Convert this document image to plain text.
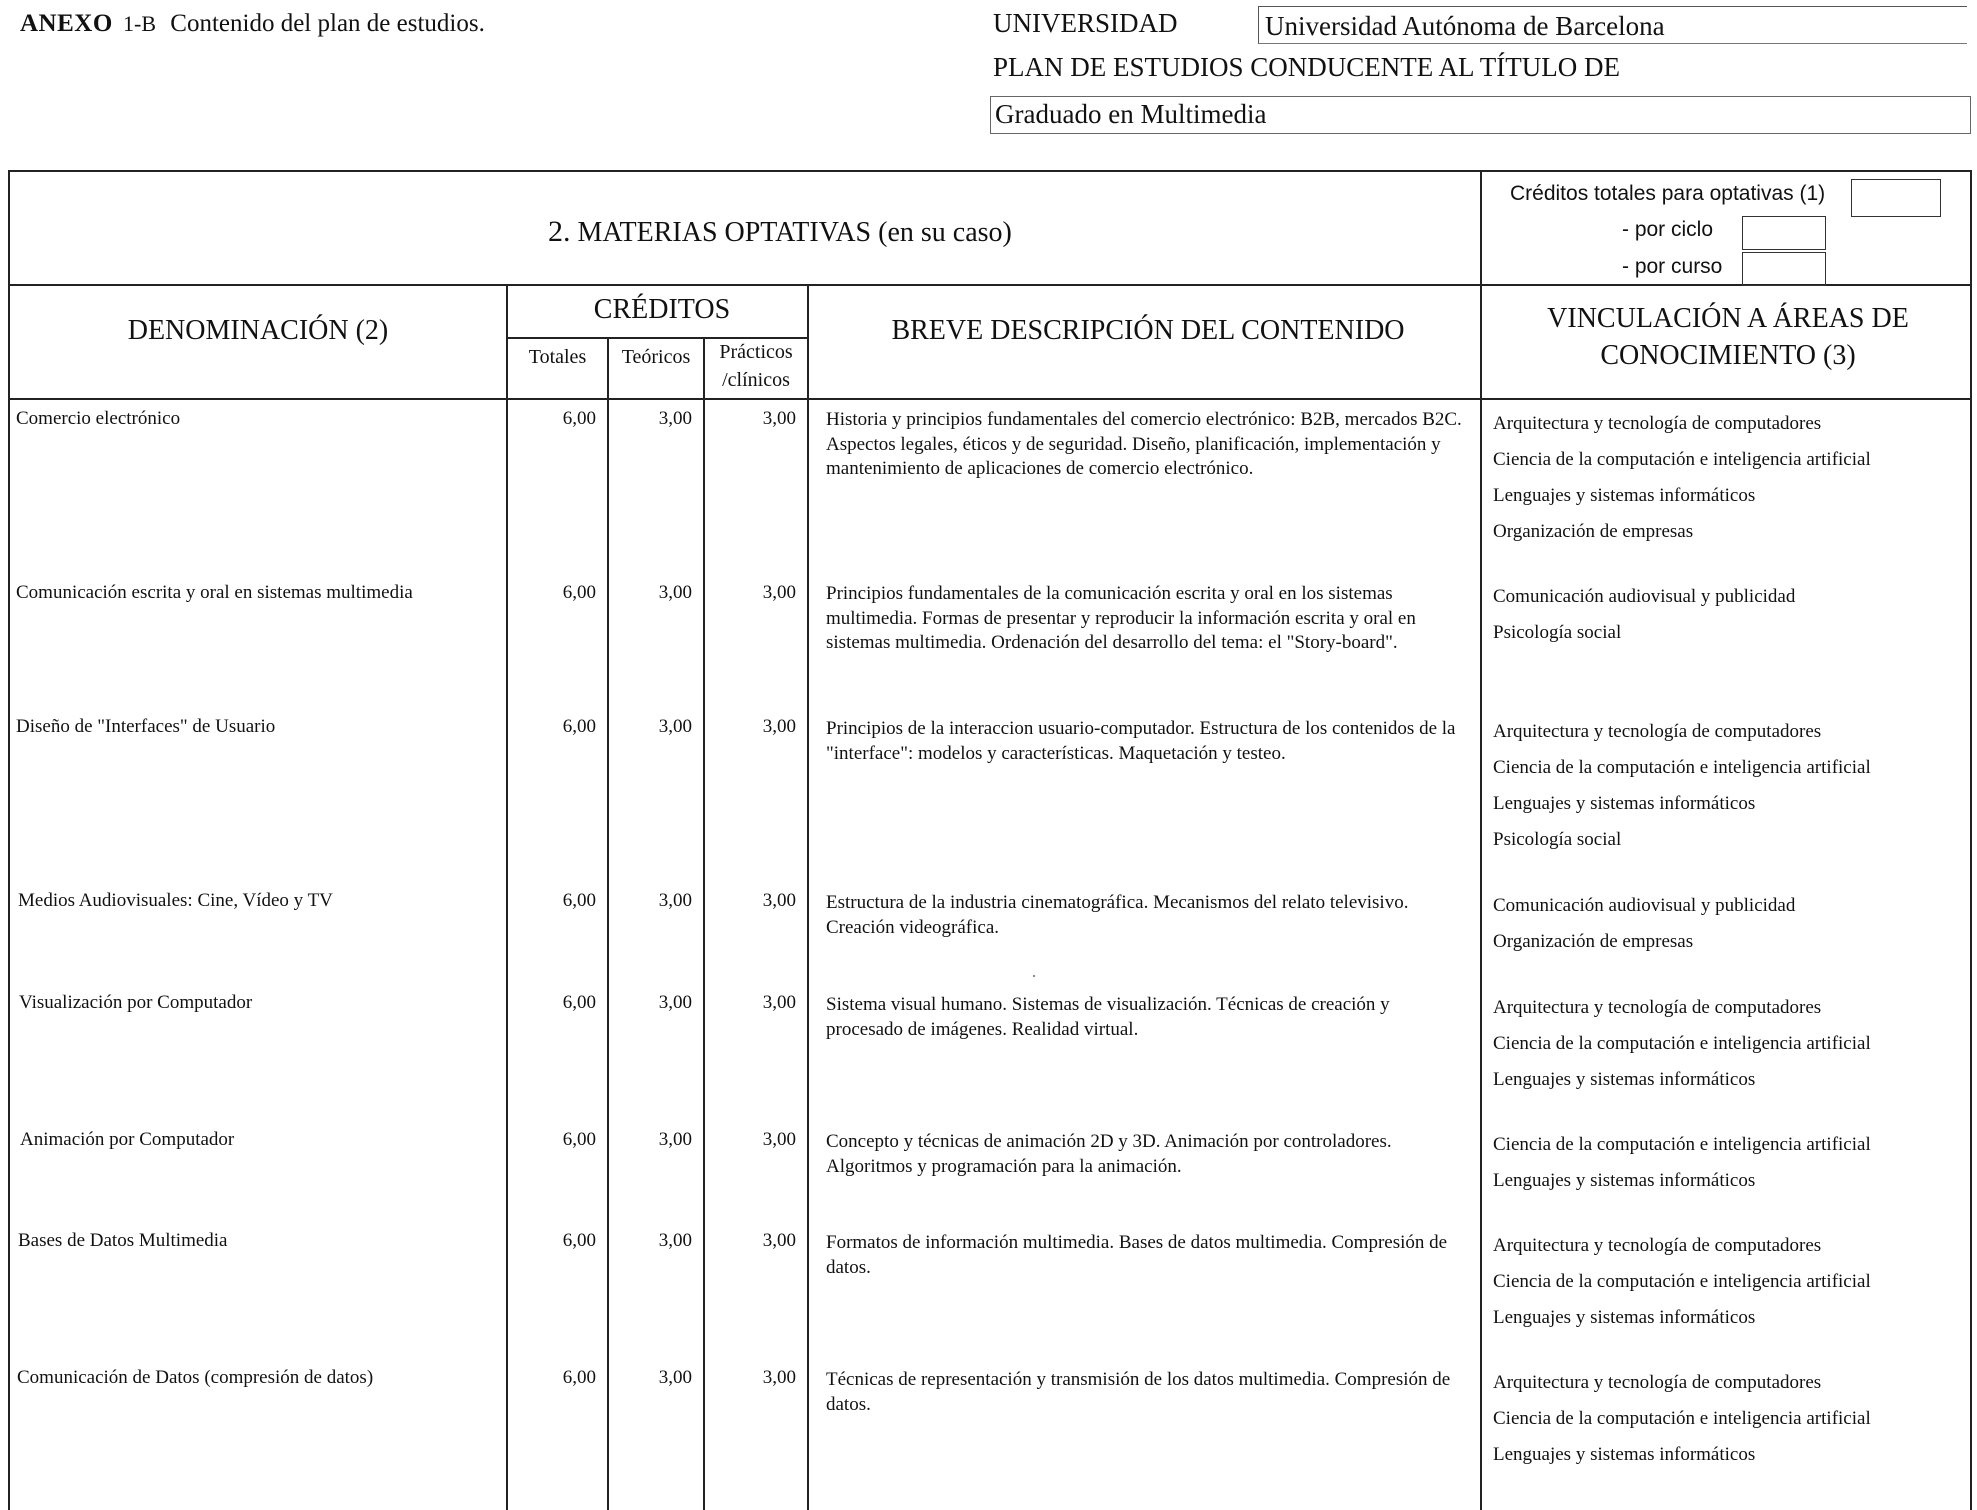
ANEXO 1-B Contenido del plan de estudios.	UNIVERSIDAD	Universidad Autónoma de Barcelona
PLAN DE ESTUDIOS CONDUCENTE AL TÍTULO DE
Graduado en Multimedia
2. MATERIAS OPTATIVAS (en su caso)
Créditos totales para optativas (1)
- por ciclo
- por curso
DENOMINACIÓN (2)
CRÉDITOS
Totales	Teóricos	Prácticos
/clínicos
BREVE DESCRIPCIÓN DEL CONTENIDO	VINCULACIÓN A ÁREAS DE
CONOCIMIENTO (3)
Comercio electrónico	6,00	3,00	3,00 Historia y principios fundamentales del comercio electrónico: B2B, mercados B2C. Aspectos legales, éticos y de seguridad. Diseño, planificación, implementación y mantenimiento de aplicaciones de comercio electrónico.
Arquitectura y tecnología de computadores
Ciencia de la computación e inteligencia artificial
Lenguajes y sistemas informáticos
Organización de empresas
Comunicación escrita y oral en sistemas multimedia	6,00	3,00	3,00 Principios fundamentales de la comunicación escrita y oral en los sistemas multimedia. Formas de presentar y reproducir la información escrita y oral en sistemas multimedia. Ordenación del desarrollo del tema: el "Story-board".
Comunicación audiovisual y publicidad
Psicología social
Diseño de "Interfaces" de Usuario	6,00	3,00	3,00 Principios de la interaccion usuario-computador. Estructura de los contenidos de la "interface": modelos y características. Maquetación y testeo.
Arquitectura y tecnología de computadores
Ciencia de la computación e inteligencia artificial
Lenguajes y sistemas informáticos
Psicología social
Medios Audiovisuales: Cine, Vídeo y TV	6,00	3,00	3,00 Estructura de la industria cinematográfica. Mecanismos del relato televisivo. Creación videográfica.
Comunicación audiovisual y publicidad
Organización de empresas
Visualización por Computador	6,00	3,00	3,00 Sistema visual humano. Sistemas de visualización. Técnicas de creación y procesado de imágenes. Realidad virtual.
Arquitectura y tecnología de computadores
Ciencia de la computación e inteligencia artificial
Lenguajes y sistemas informáticos
Animación por Computador	6,00	3,00	3,00 Concepto y técnicas de animación 2D y 3D. Animación por controladores. Algoritmos y programación para la animación.
Ciencia de la computación e inteligencia artificial
Lenguajes y sistemas informáticos
Bases de Datos Multimedia	6,00	3,00	3,00 Formatos de información multimedia. Bases de datos multimedia. Compresión de datos.
Arquitectura y tecnología de computadores
Ciencia de la computación e inteligencia artificial
Lenguajes y sistemas informáticos
Comunicación de Datos (compresión de datos)	6,00	3,00	3,00 Técnicas de representación y transmisión de los datos multimedia. Compresión de datos.
Arquitectura y tecnología de computadores
Ciencia de la computación e inteligencia artificial
Lenguajes y sistemas informáticos
